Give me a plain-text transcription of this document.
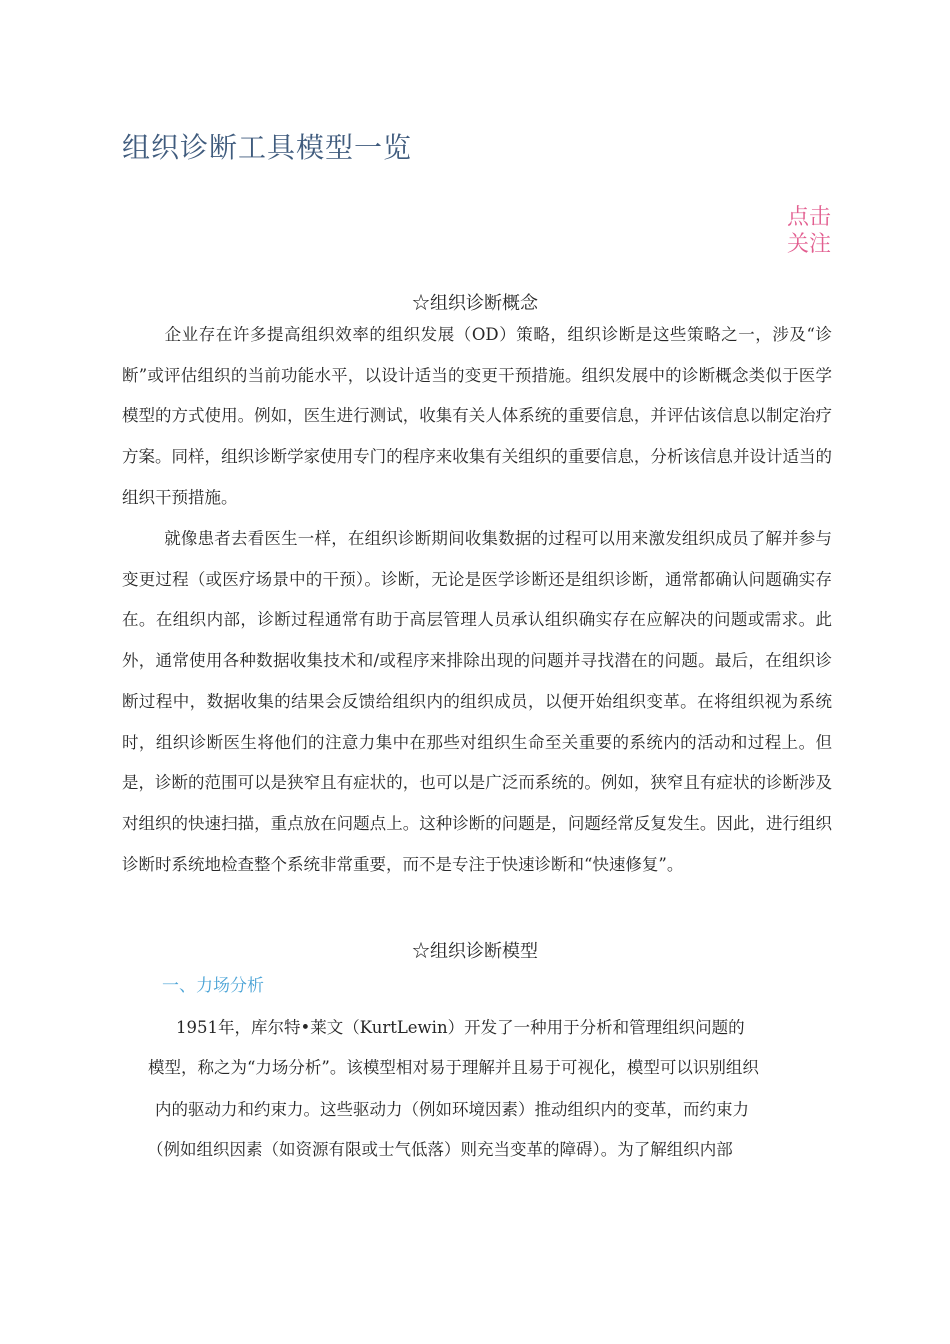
组织诊断工具模型一览
点击关注
☆组织诊断概念

企业存在许多提高组织效率的组织发展（OD）策略，组织诊断是这些策略之一，涉及“诊断”或评估组织的当前功能水平，以设计适当的变更干预措施。组织发展中的诊断概念类似于医学模型的方式使用。例如，医生进行测试，收集有关人体系统的重要信息，并评估该信息以制定治疗方案。同样，组织诊断学家使用专门的程序来收集有关组织的重要信息，分析该信息并设计适当的组织干预措施。

就像患者去看医生一样，在组织诊断期间收集数据的过程可以用来激发组织成员了解并参与变更过程（或医疗场景中的干预）。诊断，无论是医学诊断还是组织诊断，通常都确认问题确实存在。在组织内部，诊断过程通常有助于高层管理人员承认组织确实存在应解决的问题或需求。此外，通常使用各种数据收集技术和/或程序来排除出现的问题并寻找潜在的问题。最后，在组织诊断过程中，数据收集的结果会反馈给组织内的组织成员，以便开始组织变革。在将组织视为系统时，组织诊断医生将他们的注意力集中在那些对组织生命至关重要的系统内的活动和过程上。但是，诊断的范围可以是狭窄且有症状的，也可以是广泛而系统的。例如，狭窄且有症状的诊断涉及对组织的快速扫描，重点放在问题点上。这种诊断的问题是，问题经常反复发生。因此，进行组织诊断时系统地检查整个系统非常重要，而不是专注于快速诊断和“快速修复”。

☆组织诊断模型
一、力场分析

1951年，库尔特•莱文（KurtLewin）开发了一种用于分析和管理组织问题的

模型，称之为“力场分析”。该模型相对易于理解并且易于可视化，模型可以识别组织

内的驱动力和约束力。这些驱动力（例如环境因素）推动组织内的变革，而约束力

（例如组织因素（如资源有限或士气低落）则充当变革的障碍）。为了解组织内部
